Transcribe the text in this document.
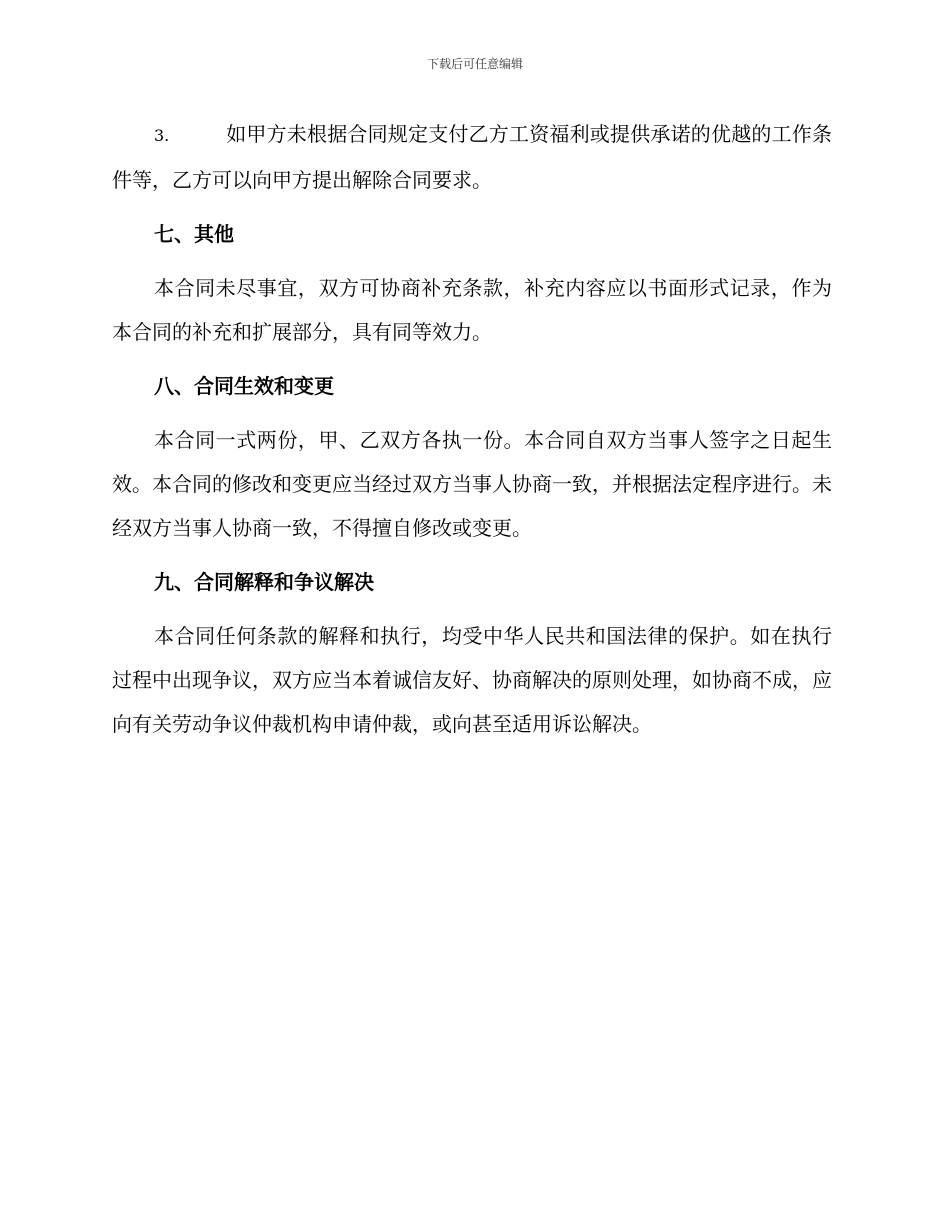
下载后可任意编辑

3.	如甲方未根据合同规定支付乙方工资福利或提供承诺的优越的工作条件等，乙方可以向甲方提出解除合同要求。

七、其他

本合同未尽事宜，双方可协商补充条款，补充内容应以书面形式记录，作为本合同的补充和扩展部分，具有同等效力。

八、合同生效和变更

本合同一式两份，甲、乙双方各执一份。本合同自双方当事人签字之日起生效。本合同的修改和变更应当经过双方当事人协商一致，并根据法定程序进行。未经双方当事人协商一致，不得擅自修改或变更。

九、合同解释和争议解决

本合同任何条款的解释和执行，均受中华人民共和国法律的保护。如在执行过程中出现争议，双方应当本着诚信友好、协商解决的原则处理，如协商不成，应向有关劳动争议仲裁机构申请仲裁，或向甚至适用诉讼解决。
